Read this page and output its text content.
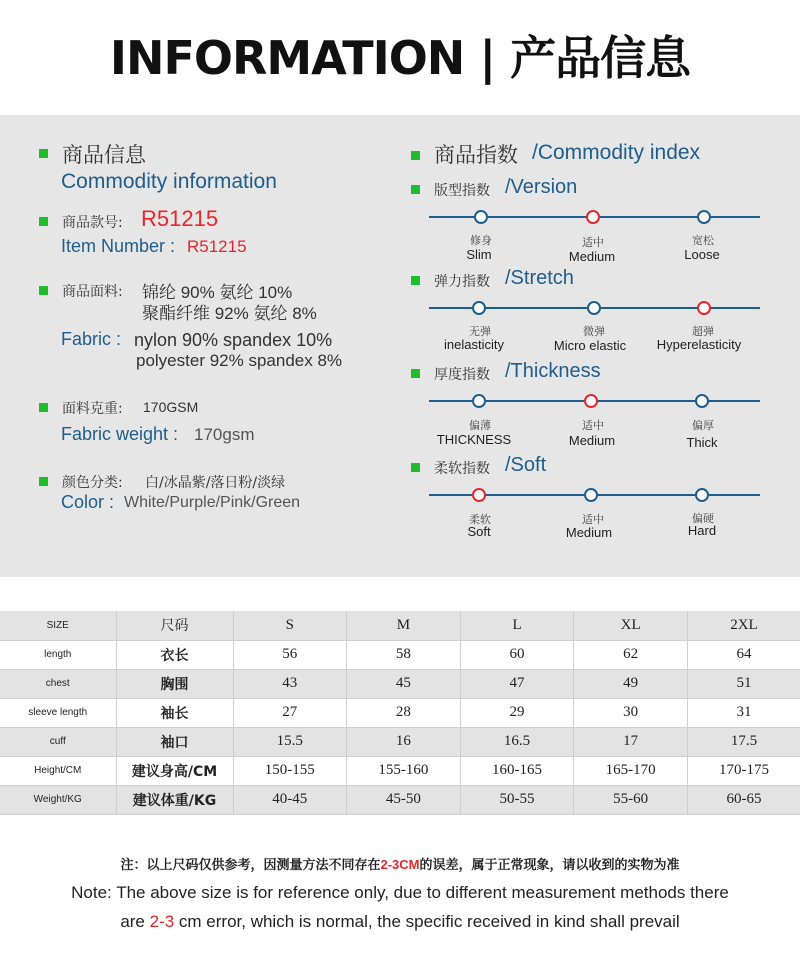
INFORMATION | 产品信息
商品信息
Commodity information
商品款号: R51215
Item Number : R51215
商品面料: 锦纶 90% 氨纶 10%
聚酯纤维 92% 氨纶 8%
Fabric : nylon 90% spandex 10%
polyester 92% spandex 8%
面料克重: 170GSM
Fabric weight : 170gsm
颜色分类: 白/冰晶紫/落日粉/淡绿
Color : White/Purple/Pink/Green
商品指数 /Commodity index
版型指数 /Version
修身
Slim
适中
Medium
宽松
Loose
弹力指数 /Stretch
无弹
inelasticity
微弹
Micro elastic
超弹
Hyperelasticity
厚度指数 /Thickness
偏薄
THICKNESS
适中
Medium
偏厚
Thick
柔软指数 /Soft
柔软
Soft
适中
Medium
偏硬
Hard
SIZE	尺码	S	M	L	XL	2XL
length	衣长	56	58	60	62	64
chest	胸围	43	45	47	49	51
sleeve length	袖长	27	28	29	30	31
cuff	袖口	15.5	16	16.5	17	17.5
Height/CM	建议身高/CM	150-155	155-160	160-165	165-170	170-175
Weight/KG	建议体重/KG	40-45	45-50	50-55	55-60	60-65
注：以上尺码仅供参考，因测量方法不同存在2-3CM的误差，属于正常现象，请以收到的实物为准
Note: The above size is for reference only, due to different measurement methods there
are 2-3 cm error, which is normal, the specific received in kind shall prevail
